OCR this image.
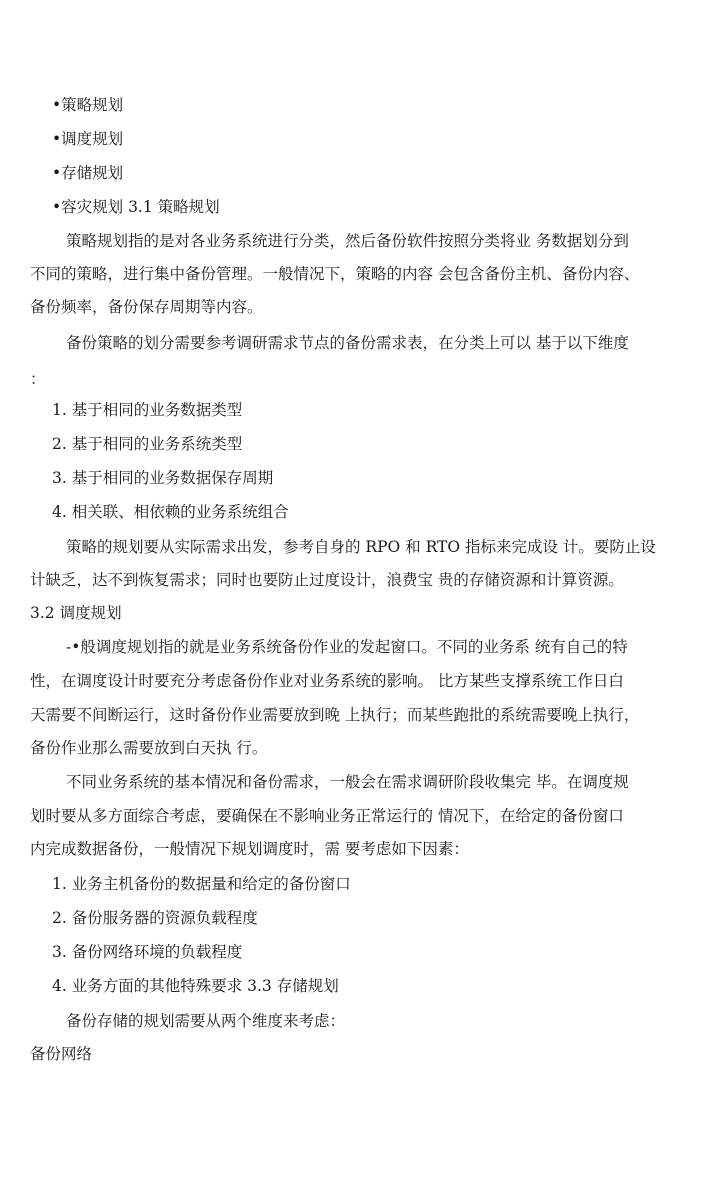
•策略规划
•调度规划
•存储规划
•容灾规划 3.1 策略规划
策略规划指的是对各业务系统进行分类，然后备份软件按照分类将业 务数据划分到
不同的策略，进行集中备份管理。一般情况下，策略的内容 会包含备份主机、备份内容、
备份频率，备份保存周期等内容。
备份策略的划分需要参考调研需求节点的备份需求表，在分类上可以 基于以下维度
：
1. 基于相同的业务数据类型
2. 基于相同的业务系统类型
3. 基于相同的业务数据保存周期
4. 相关联、相依赖的业务系统组合
策略的规划要从实际需求出发，参考自身的 RPO 和 RTO 指标来完成设 计。要防止设
计缺乏，达不到恢复需求；同时也要防止过度设计，浪费宝 贵的存储资源和计算资源。
3.2 调度规划
-•般调度规划指的就是业务系统备份作业的发起窗口。不同的业务系 统有自己的特
性，在调度设计时要充分考虑备份作业对业务系统的影响。 比方某些支撑系统工作日白
天需要不间断运行，这时备份作业需要放到晚 上执行；而某些跑批的系统需要晚上执行，
备份作业那么需要放到白天执 行。
不同业务系统的基本情况和备份需求，一般会在需求调研阶段收集完 毕。在调度规
划时要从多方面综合考虑，要确保在不影响业务正常运行的 情况下，在给定的备份窗口
内完成数据备份，一般情况下规划调度时，需 要考虑如下因素：
1. 业务主机备份的数据量和给定的备份窗口
2. 备份服务器的资源负载程度
3. 备份网络环境的负载程度
4. 业务方面的其他特殊要求 3.3 存储规划
备份存储的规划需要从两个维度来考虑：
备份网络
